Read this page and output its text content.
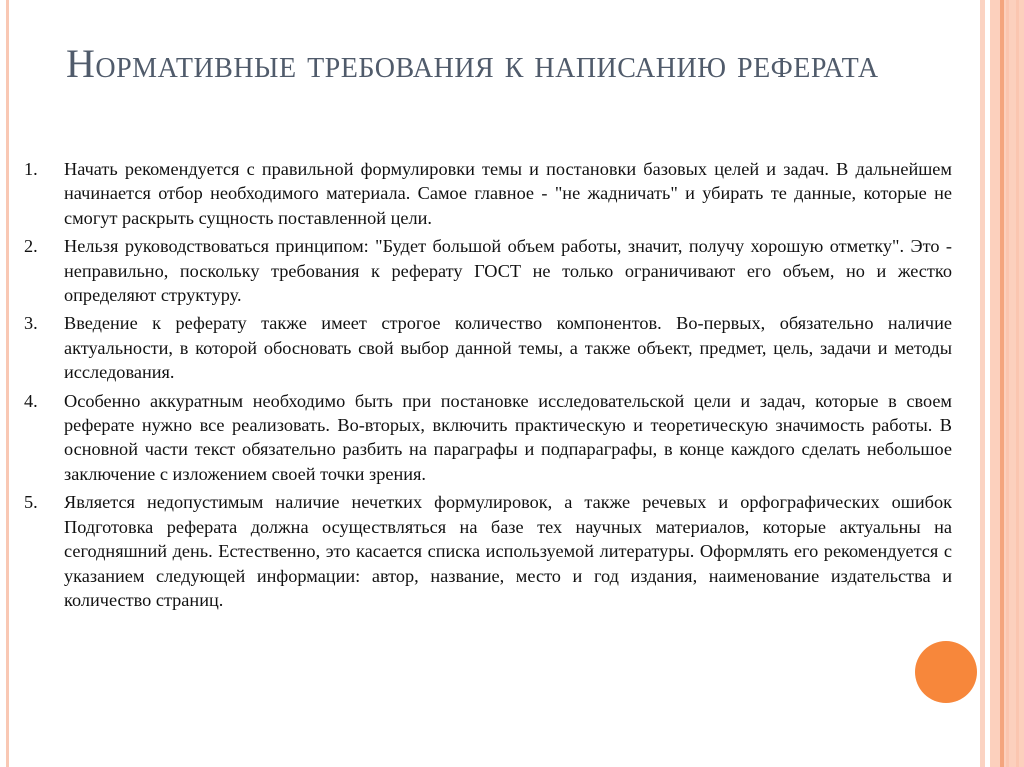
Нормативные требования к написанию реферата
1. Начать рекомендуется с правильной формулировки темы и постановки базовых целей и задач. В дальнейшем начинается отбор необходимого материала. Самое главное - "не жадничать" и убирать те данные, которые не смогут раскрыть сущность поставленной цели.
2. Нельзя руководствоваться принципом: "Будет большой объем работы, значит, получу хорошую отметку". Это - неправильно, поскольку требования к реферату ГОСТ не только ограничивают его объем, но и жестко определяют структуру.
3. Введение к реферату также имеет строгое количество компонентов. Во-первых, обязательно наличие актуальности, в которой обосновать свой выбор данной темы, а также объект, предмет, цель, задачи и методы исследования.
4. Особенно аккуратным необходимо быть при постановке исследовательской цели и задач, которые в своем реферате нужно все реализовать. Во-вторых, включить практическую и теоретическую значимость работы. В основной части текст обязательно разбить на параграфы и подпараграфы, в конце каждого сделать небольшое заключение с изложением своей точки зрения.
5. Является недопустимым наличие нечетких формулировок, а также речевых и орфографических ошибок Подготовка реферата должна осуществляться на базе тех научных материалов, которые актуальны на сегодняшний день. Естественно, это касается списка используемой литературы. Оформлять его рекомендуется с указанием следующей информации: автор, название, место и год издания, наименование издательства и количество страниц.
